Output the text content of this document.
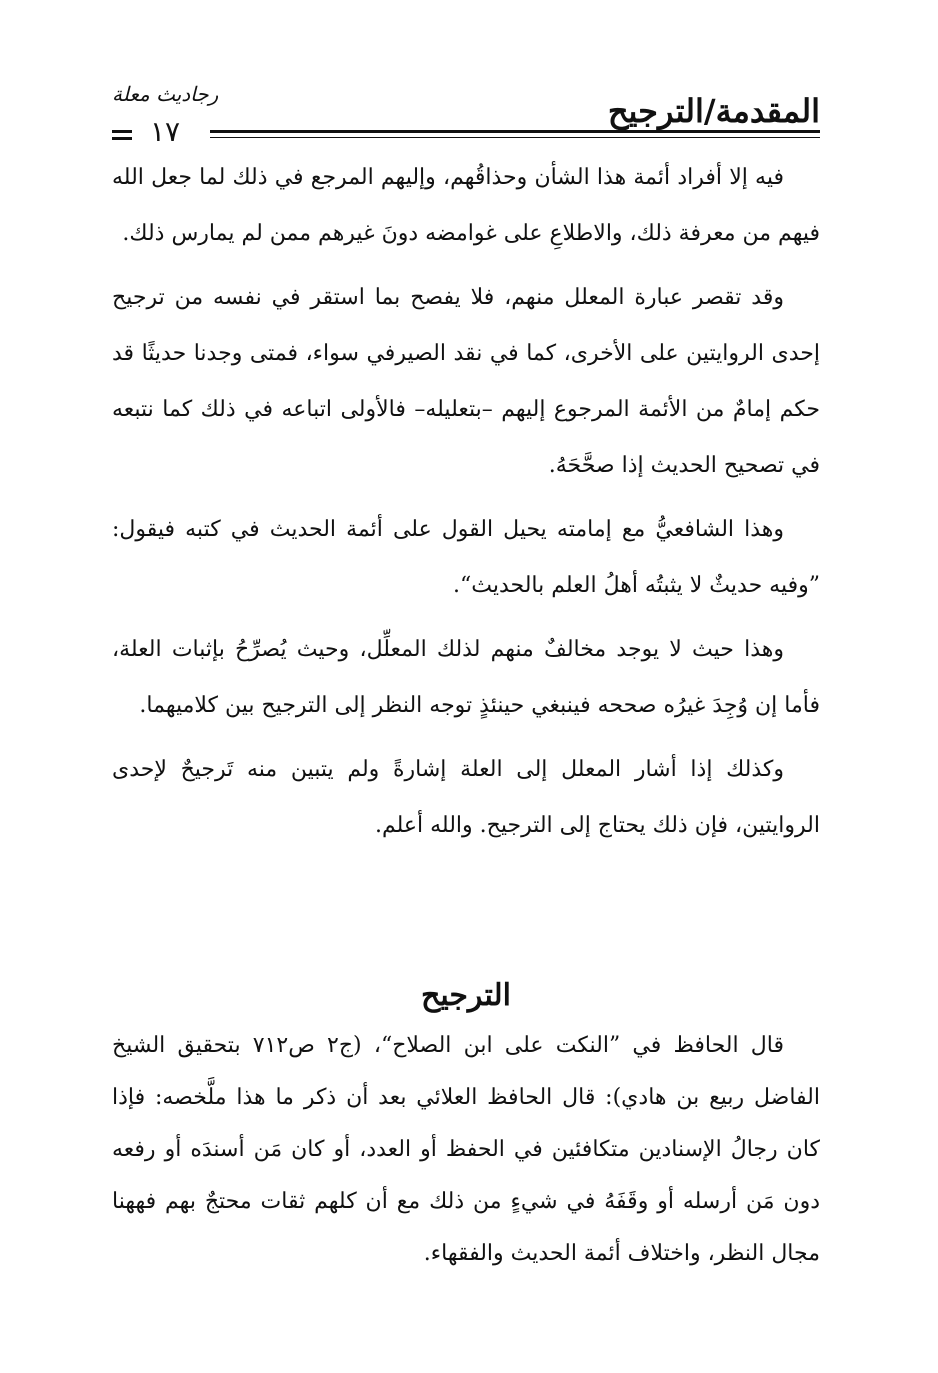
المقدمة/الترجيح
رجاديث معلة
١٧

فيه إلا أفراد أئمة هذا الشأن وحذاقُهم، وإليهم المرجع في ذلك لما جعل الله فيهم من معرفة ذلك، والاطلاعِ على غوامضه دونَ غيرهم ممن لم يمارس ذلك.

وقد تقصر عبارة المعلل منهم، فلا يفصح بما استقر في نفسه من ترجيح إحدى الروايتين على الأخرى، كما في نقد الصيرفي سواء، فمتى وجدنا حديثًا قد حكم إمامٌ من الأئمة المرجوع إليهم –بتعليله– فالأولى اتباعه في ذلك كما نتبعه في تصحيح الحديث إذا صحَّحَهُ.

وهذا الشافعيُّ مع إمامته يحيل القول على أئمة الحديث في كتبه فيقول: ”وفيه حديثٌ لا يثبتُه أهلُ العلم بالحديث“.

وهذا حيث لا يوجد مخالفٌ منهم لذلك المعلِّل، وحيث يُصرِّحُ بإثبات العلة، فأما إن وُجِدَ غيرُه صححه فينبغي حينئذٍ توجه النظر إلى الترجيح بين كلاميهما.

وكذلك إذا أشار المعلل إلى العلة إشارةً ولم يتبين منه تَرجيحٌ لإحدى الروايتين، فإن ذلك يحتاج إلى الترجيح. والله أعلم.

الترجيح

قال الحافظ في ”النكت على ابن الصلاح“، (ج٢ ص٧١٢ بتحقيق الشيخ الفاضل ربيع بن هادي): قال الحافظ العلائي بعد أن ذكر ما هذا ملَّخصه: فإذا كان رجالُ الإسنادين متكافئين في الحفظ أو العدد، أو كان مَن أسندَه أو رفعه دون مَن أرسله أو وقَفَهُ في شيءٍ من ذلك مع أن كلهم ثقات محتجٌ بهم فههنا مجال النظر، واختلاف أئمة الحديث والفقهاء.
